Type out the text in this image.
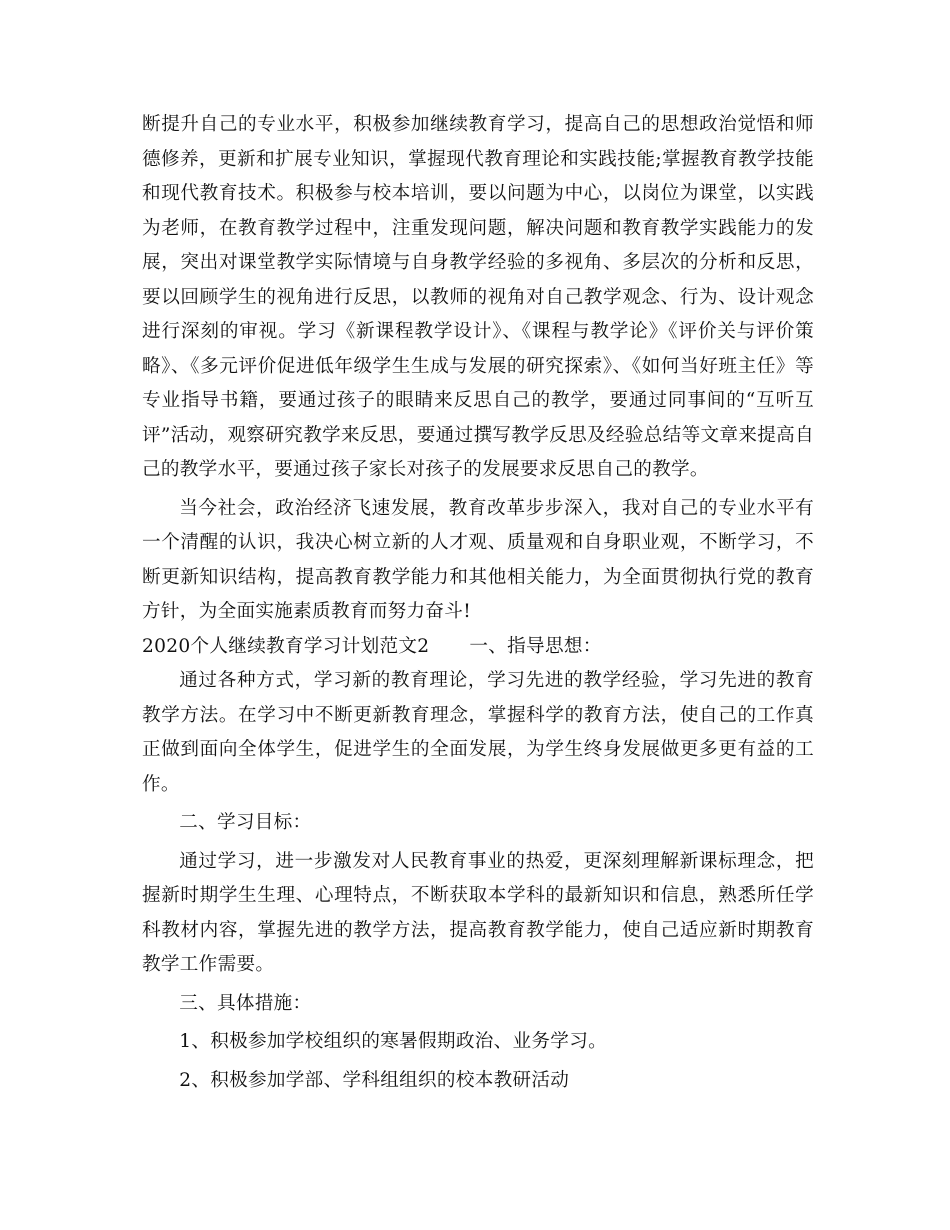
断提升自己的专业水平，积极参加继续教育学习，提高自己的思想政治觉悟和师德修养，更新和扩展专业知识，掌握现代教育理论和实践技能;掌握教育教学技能和现代教育技术。积极参与校本培训，要以问题为中心，以岗位为课堂，以实践为老师，在教育教学过程中，注重发现问题，解决问题和教育教学实践能力的发展，突出对课堂教学实际情境与自身教学经验的多视角、多层次的分析和反思，要以回顾学生的视角进行反思，以教师的视角对自己教学观念、行为、设计观念进行深刻的审视。学习《新课程教学设计》、《课程与教学论》《评价关与评价策略》、《多元评价促进低年级学生生成与发展的研究探索》、《如何当好班主任》等专业指导书籍，要通过孩子的眼睛来反思自己的教学，要通过同事间的“互听互评”活动，观察研究教学来反思，要通过撰写教学反思及经验总结等文章来提高自己的教学水平，要通过孩子家长对孩子的发展要求反思自己的教学。

当今社会，政治经济飞速发展，教育改革步步深入，我对自己的专业水平有一个清醒的认识，我决心树立新的人才观、质量观和自身职业观，不断学习，不断更新知识结构，提高教育教学能力和其他相关能力，为全面贯彻执行党的教育方针，为全面实施素质教育而努力奋斗!

2020个人继续教育学习计划范文2 一、指导思想：

通过各种方式，学习新的教育理论，学习先进的教学经验，学习先进的教育教学方法。在学习中不断更新教育理念，掌握科学的教育方法，使自己的工作真正做到面向全体学生，促进学生的全面发展，为学生终身发展做更多更有益的工作。

二、学习目标：

通过学习，进一步激发对人民教育事业的热爱，更深刻理解新课标理念，把握新时期学生生理、心理特点，不断获取本学科的最新知识和信息，熟悉所任学科教材内容，掌握先进的教学方法，提高教育教学能力，使自己适应新时期教育教学工作需要。

三、具体措施：

1、积极参加学校组织的寒暑假期政治、业务学习。

2、积极参加学部、学科组组织的校本教研活动
